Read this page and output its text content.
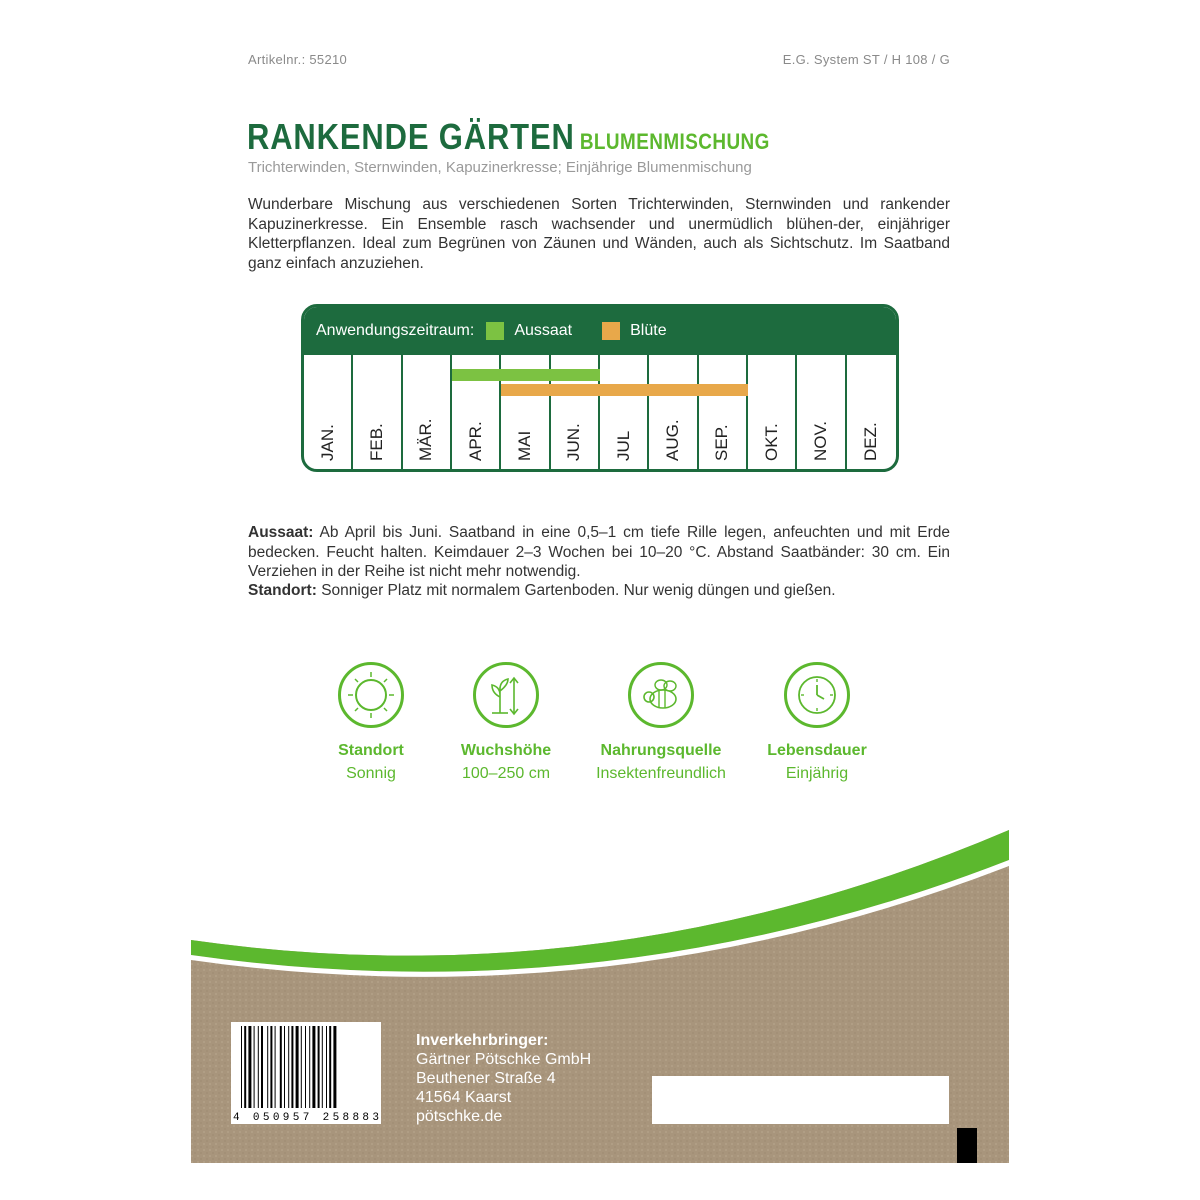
Artikelnr.: 55210	E.G. System ST / H 108 / G
RANKENDE GÄRTEN BLUMENMISCHUNG
Trichterwinden, Sternwinden, Kapuzinerkresse; Einjährige Blumenmischung
Wunderbare Mischung aus verschiedenen Sorten Trichterwinden, Sternwinden und rankender Kapuzinerkresse. Ein Ensemble rasch wachsender und unermüdlich blühen-der, einjähriger Kletterpflanzen. Ideal zum Begrünen von Zäunen und Wänden, auch als Sichtschutz. Im Saatband ganz einfach anzuziehen.
Anwendungszeitraum:	Aussaat	Blüte
JAN. FEB. MÄR. APR. MAI JUN. JUL AUG. SEP. OKT. NOV. DEZ.
Aussaat: Ab April bis Juni. Saatband in eine 0,5–1 cm tiefe Rille legen, anfeuchten und mit Erde bedecken. Feucht halten. Keimdauer 2–3 Wochen bei 10–20 °C. Abstand Saatbänder: 30 cm. Ein Verziehen in der Reihe ist nicht mehr notwendig.
Standort: Sonniger Platz mit normalem Gartenboden. Nur wenig düngen und gießen.
Standort
Sonnig
Wuchshöhe
100–250 cm
Nahrungsquelle
Insektenfreundlich
Lebensdauer
Einjährig
4 050957 258883
Inverkehrbringer:
Gärtner Pötschke GmbH
Beuthener Straße 4
41564 Kaarst
pötschke.de
